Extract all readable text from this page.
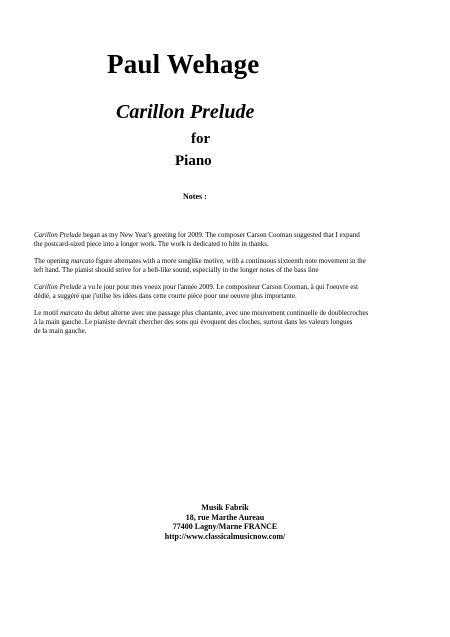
Paul Wehage
Carillon Prelude
for
Piano
Notes :
Carillon Prelude began as my New Year's greeting for 2009. The composer Carson Cooman suggested that I expand
the postcard-sized piece into a longer work. The work is dedicated to him in thanks.
The opening marcato figure alternates with a more songlike motive, with a continuous sixteenth note movement in the
left hand. The pianist should strive for a bell-like sound, especially in the longer notes of the bass line
Carillon Prelude a vu le jour pour mes voeux pour l'année 2009. Le compositeur Carson Cooman, à qui l'oeuvre est
dédié, a suggéré que j'utilse les idées dans cette courte pièce pour une oeuvre plus importante.
Le motif marcato du debut alterne avec une passage plus chantante, avec une mouvement continuelle de doublecroches
à la main gauche. Le pianiste devrait chercher des sons qui évoquent des cloches, surtout dans les valeurs longues
de la main gauche.
Musik Fabrik
18, rue Marthe Aureau
77400 Lagny/Marne FRANCE
http://www.classicalmusicnow.com/
